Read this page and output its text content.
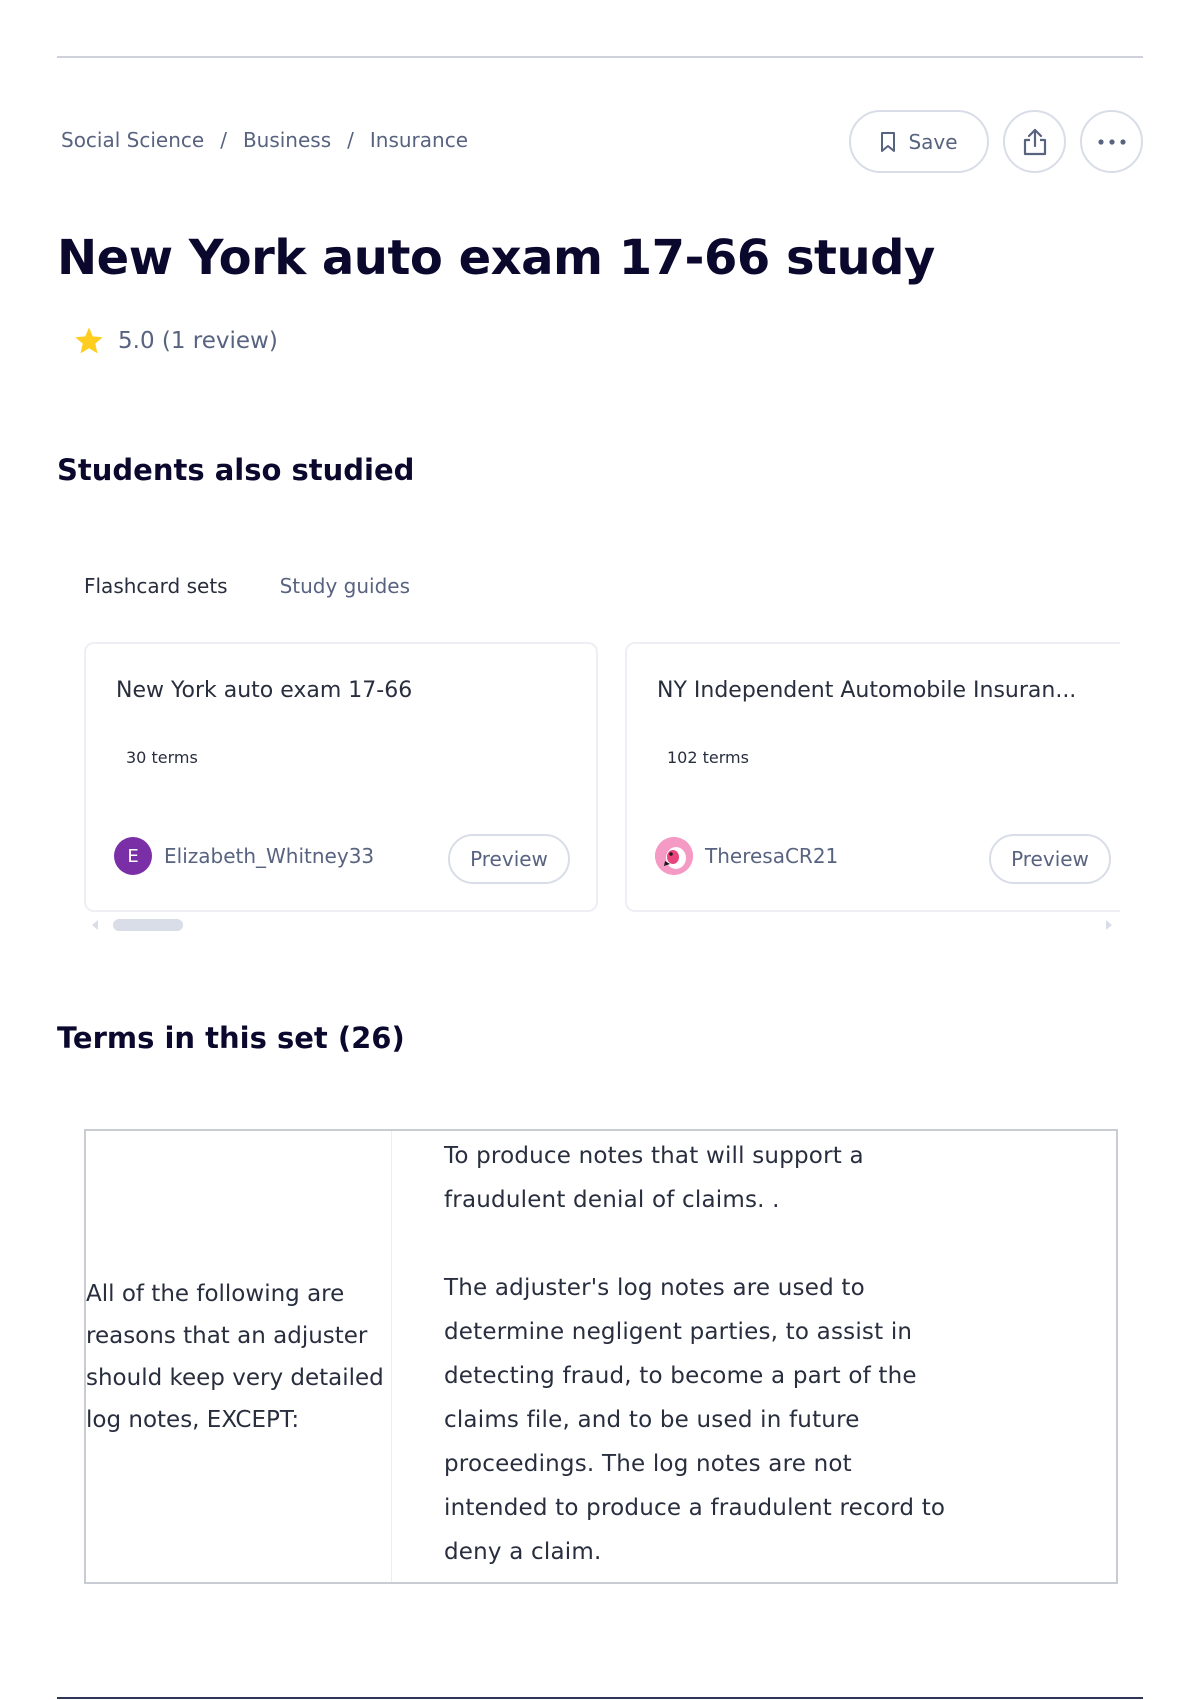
Social Science / Business / Insurance	Save
New York auto exam 17-66 study
5.0 (1 review)
Students also studied
Flashcard sets	Study guides
New York auto exam 17-66
30 terms
E Elizabeth_Whitney33	Preview
NY Independent Automobile Insuran...
102 terms
TheresaCR21	Preview
Terms in this set (26)
All of the following are reasons that an adjuster should keep very detailed log notes, EXCEPT:
To produce notes that will support a
fraudulent denial of claims. .

The adjuster's log notes are used to
determine negligent parties, to assist in
detecting fraud, to become a part of the
claims file, and to be used in future
proceedings. The log notes are not
intended to produce a fraudulent record to
deny a claim.
